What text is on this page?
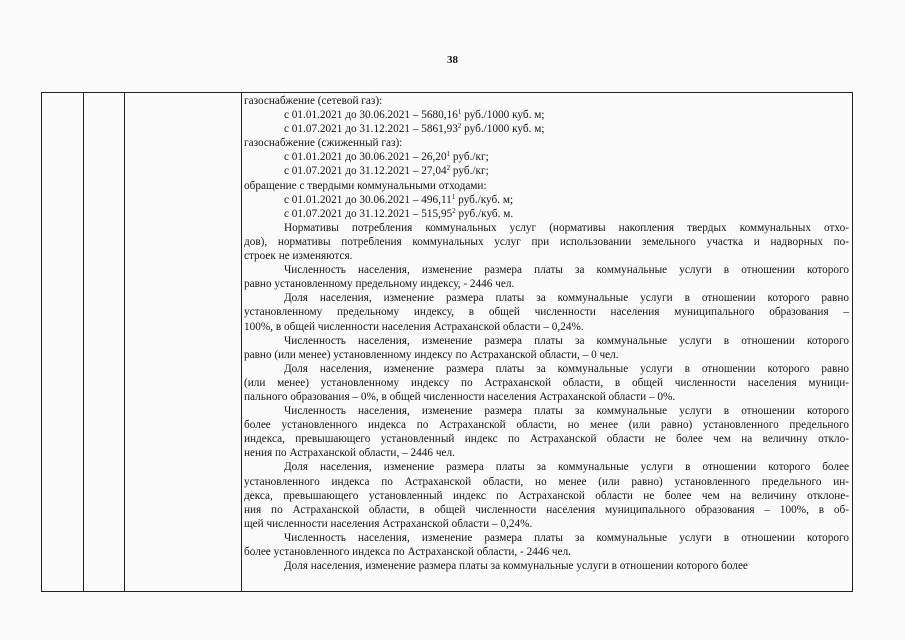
38
газоснабжение (сетевой газ):
с 01.01.2021 до 30.06.2021 – 5680,16$^1$ руб./1000 куб. м;
с 01.07.2021 до 31.12.2021 – 5861,93$^2$ руб./1000 куб. м;
газоснабжение (сжиженный газ):
с 01.01.2021 до 30.06.2021 – 26,20$^1$ руб./кг;
с 01.07.2021 до 31.12.2021 – 27,04$^2$ руб./кг;
обращение с твердыми коммунальными отходами:
с 01.01.2021 до 30.06.2021 – 496,11$^1$ руб./куб. м;
с 01.07.2021 до 31.12.2021 – 515,95$^2$ руб./куб. м.
Нормативы потребления коммунальных услуг (нормативы накопления твердых коммунальных отхо-
дов), нормативы потребления коммунальных услуг при использовании земельного участка и надворных по-
строек не изменяются.
Численность населения, изменение размера платы за коммунальные услуги в отношении которого
равно установленному предельному индексу, - 2446 чел.
Доля населения, изменение размера платы за коммунальные услуги в отношении которого равно
установленному предельному индексу, в общей численности населения муниципального образования –
100%, в общей численности населения Астраханской области – 0,24%.
Численность населения, изменение размера платы за коммунальные услуги в отношении которого
равно (или менее) установленному индексу по Астраханской области, – 0 чел.
Доля населения, изменение размера платы за коммунальные услуги в отношении которого равно
(или менее) установленному индексу по Астраханской области, в общей численности населения муници-
пального образования – 0%, в общей численности населения Астраханской области – 0%.
Численность населения, изменение размера платы за коммунальные услуги в отношении которого
более установленного индекса по Астраханской области, но менее (или равно) установленного предельного
индекса, превышающего установленный индекс по Астраханской области не более чем на величину откло-
нения по Астраханской области, – 2446 чел.
Доля населения, изменение размера платы за коммунальные услуги в отношении которого более
установленного индекса по Астраханской области, но менее (или равно) установленного предельного ин-
декса, превышающего установленный индекс по Астраханской области не более чем на величину отклоне-
ния по Астраханской области, в общей численности населения муниципального образования – 100%, в об-
щей численности населения Астраханской области – 0,24%.
Численность населения, изменение размера платы за коммунальные услуги в отношении которого
более установленного индекса по Астраханской области, - 2446 чел.
Доля населения, изменение размера платы за коммунальные услуги в отношении которого более
